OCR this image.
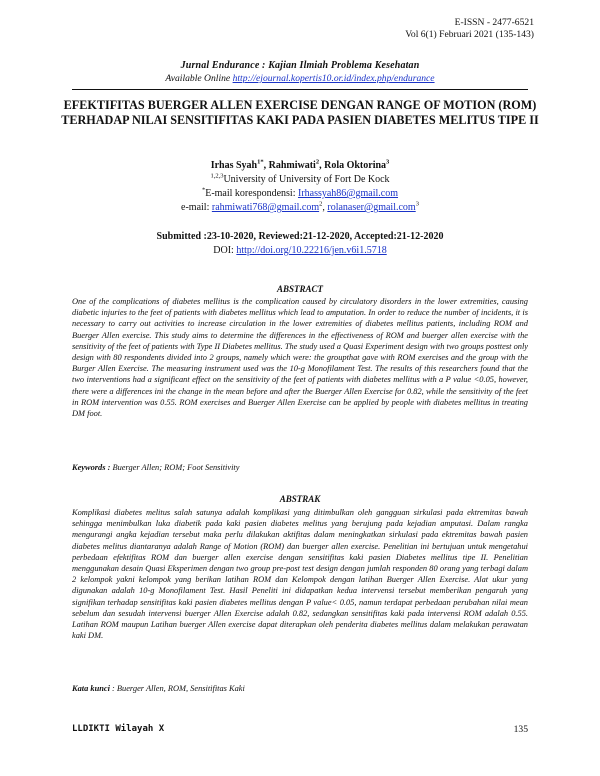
E-ISSN - 2477-6521
Vol 6(1) Februari 2021 (135-143)
Jurnal Endurance : Kajian Ilmiah Problema Kesehatan
Available Online http://ejournal.kopertis10.or.id/index.php/endurance
EFEKTIFITAS BUERGER ALLEN EXERCISE DENGAN RANGE OF MOTION (ROM) TERHADAP NILAI SENSITIFITAS KAKI PADA PASIEN DIABETES MELITUS TIPE II
Irhas Syah$^{1*}$, Rahmiwati$^2$, Rola Oktorina$^3$
$^{1,2,3}$University of University of Fort De Kock
*E-mail korespondensi: Irhassyah86@gmail.com
e-mail: rahmiwati768@gmail.com$^2$, rolanaser@gmail.com$^3$
Submitted :23-10-2020, Reviewed:21-12-2020, Accepted:21-12-2020
DOI: http://doi.org/10.22216/jen.v6i1.5718
ABSTRACT

One of the complications of diabetes mellitus is the complication caused by circulatory disorders in the lower extremities, causing diabetic injuries to the feet of patients with diabetes mellitus which lead to amputation. In order to reduce the number of incidents, it is necessary to carry out activities to increase circulation in the lower extremities of diabetes mellitus patients, including ROM and Buerger Allen exercise. This study aims to determine the differences in the effectiveness of ROM and buerger allen exercise with the sensitivity of the feet of patients with Type II Diabetes mellitus. The study used a Quasi Experiment design with two groups posttest only design with 80 respondents divided into 2 groups, namely which were: the groupthat gave with ROM exercises and the group with the Burger Allen Exercise. The measuring instrument used was the 10-g Monofilament Test. The results of this researchers found that the two interventions had a significant effect on the sensitivity of the feet of patients with diabetes mellitus with a P value <0.05, however, there were a differences ini the change in the mean before and after the Buerger Allen Exercise for 0.82, while the sensitivity of the feet in ROM intervention was 0.55. ROM exercises and Buerger Allen Exercise can be applied by people with diabetes mellitus in treating DM foot.

Keywords : Buerger Allen; ROM; Foot Sensitivity
ABSTRAK

Komplikasi diabetes melitus salah satunya adalah komplikasi yang ditimbulkan oleh gangguan sirkulasi pada ektremitas bawah sehingga menimbulkan luka diabetik pada kaki pasien diabetes melitus yang berujung pada kejadian amputasi. Dalam rangka mengurangi angka kejadian tersebut maka perlu dilakukan aktifitas dalam meningkatkan sirkulasi pada ektremitas bawah pasien diabetes melitus diantaranya adalah Range of Motion (ROM) dan buerger allen exercise. Penelitian ini bertujuan untuk mengetahui perbedaan efektifitas ROM dan buerger allen exercise dengan sensitifitas kaki pasien Diabetes mellitus tipe II. Penelitian menggunakan desain Quasi Eksperimen dengan two group pre-post test design dengan jumlah responden 80 orang yang terbagi dalam 2 kelompok yakni kelompok yang berikan latihan ROM dan Kelompok dengan latihan Buerger Allen Exercise. Alat ukur yang digunakan adalah 10-g Monofilament Test. Hasil Peneliti ini didapatkan kedua intervensi tersebut memberikan pengaruh yang signifikan terhadap sensitifitas kaki pasien diabetes mellitus dengan P value< 0.05, namun terdapat perbedaan perubahan nilai mean sebelum dan sesudah intervensi buerger Allen Exercise adalah 0.82, sedangkan sensitifitas kaki pada intervensi ROM adalah 0.55. Latihan ROM maupun Latihan buerger Allen exercise dapat diterapkan oleh penderita diabetes mellitus dalam melakukan perawatan kaki DM.

Kata kunci : Buerger Allen, ROM, Sensitifitas Kaki
LLDIKTI Wilayah X	135
